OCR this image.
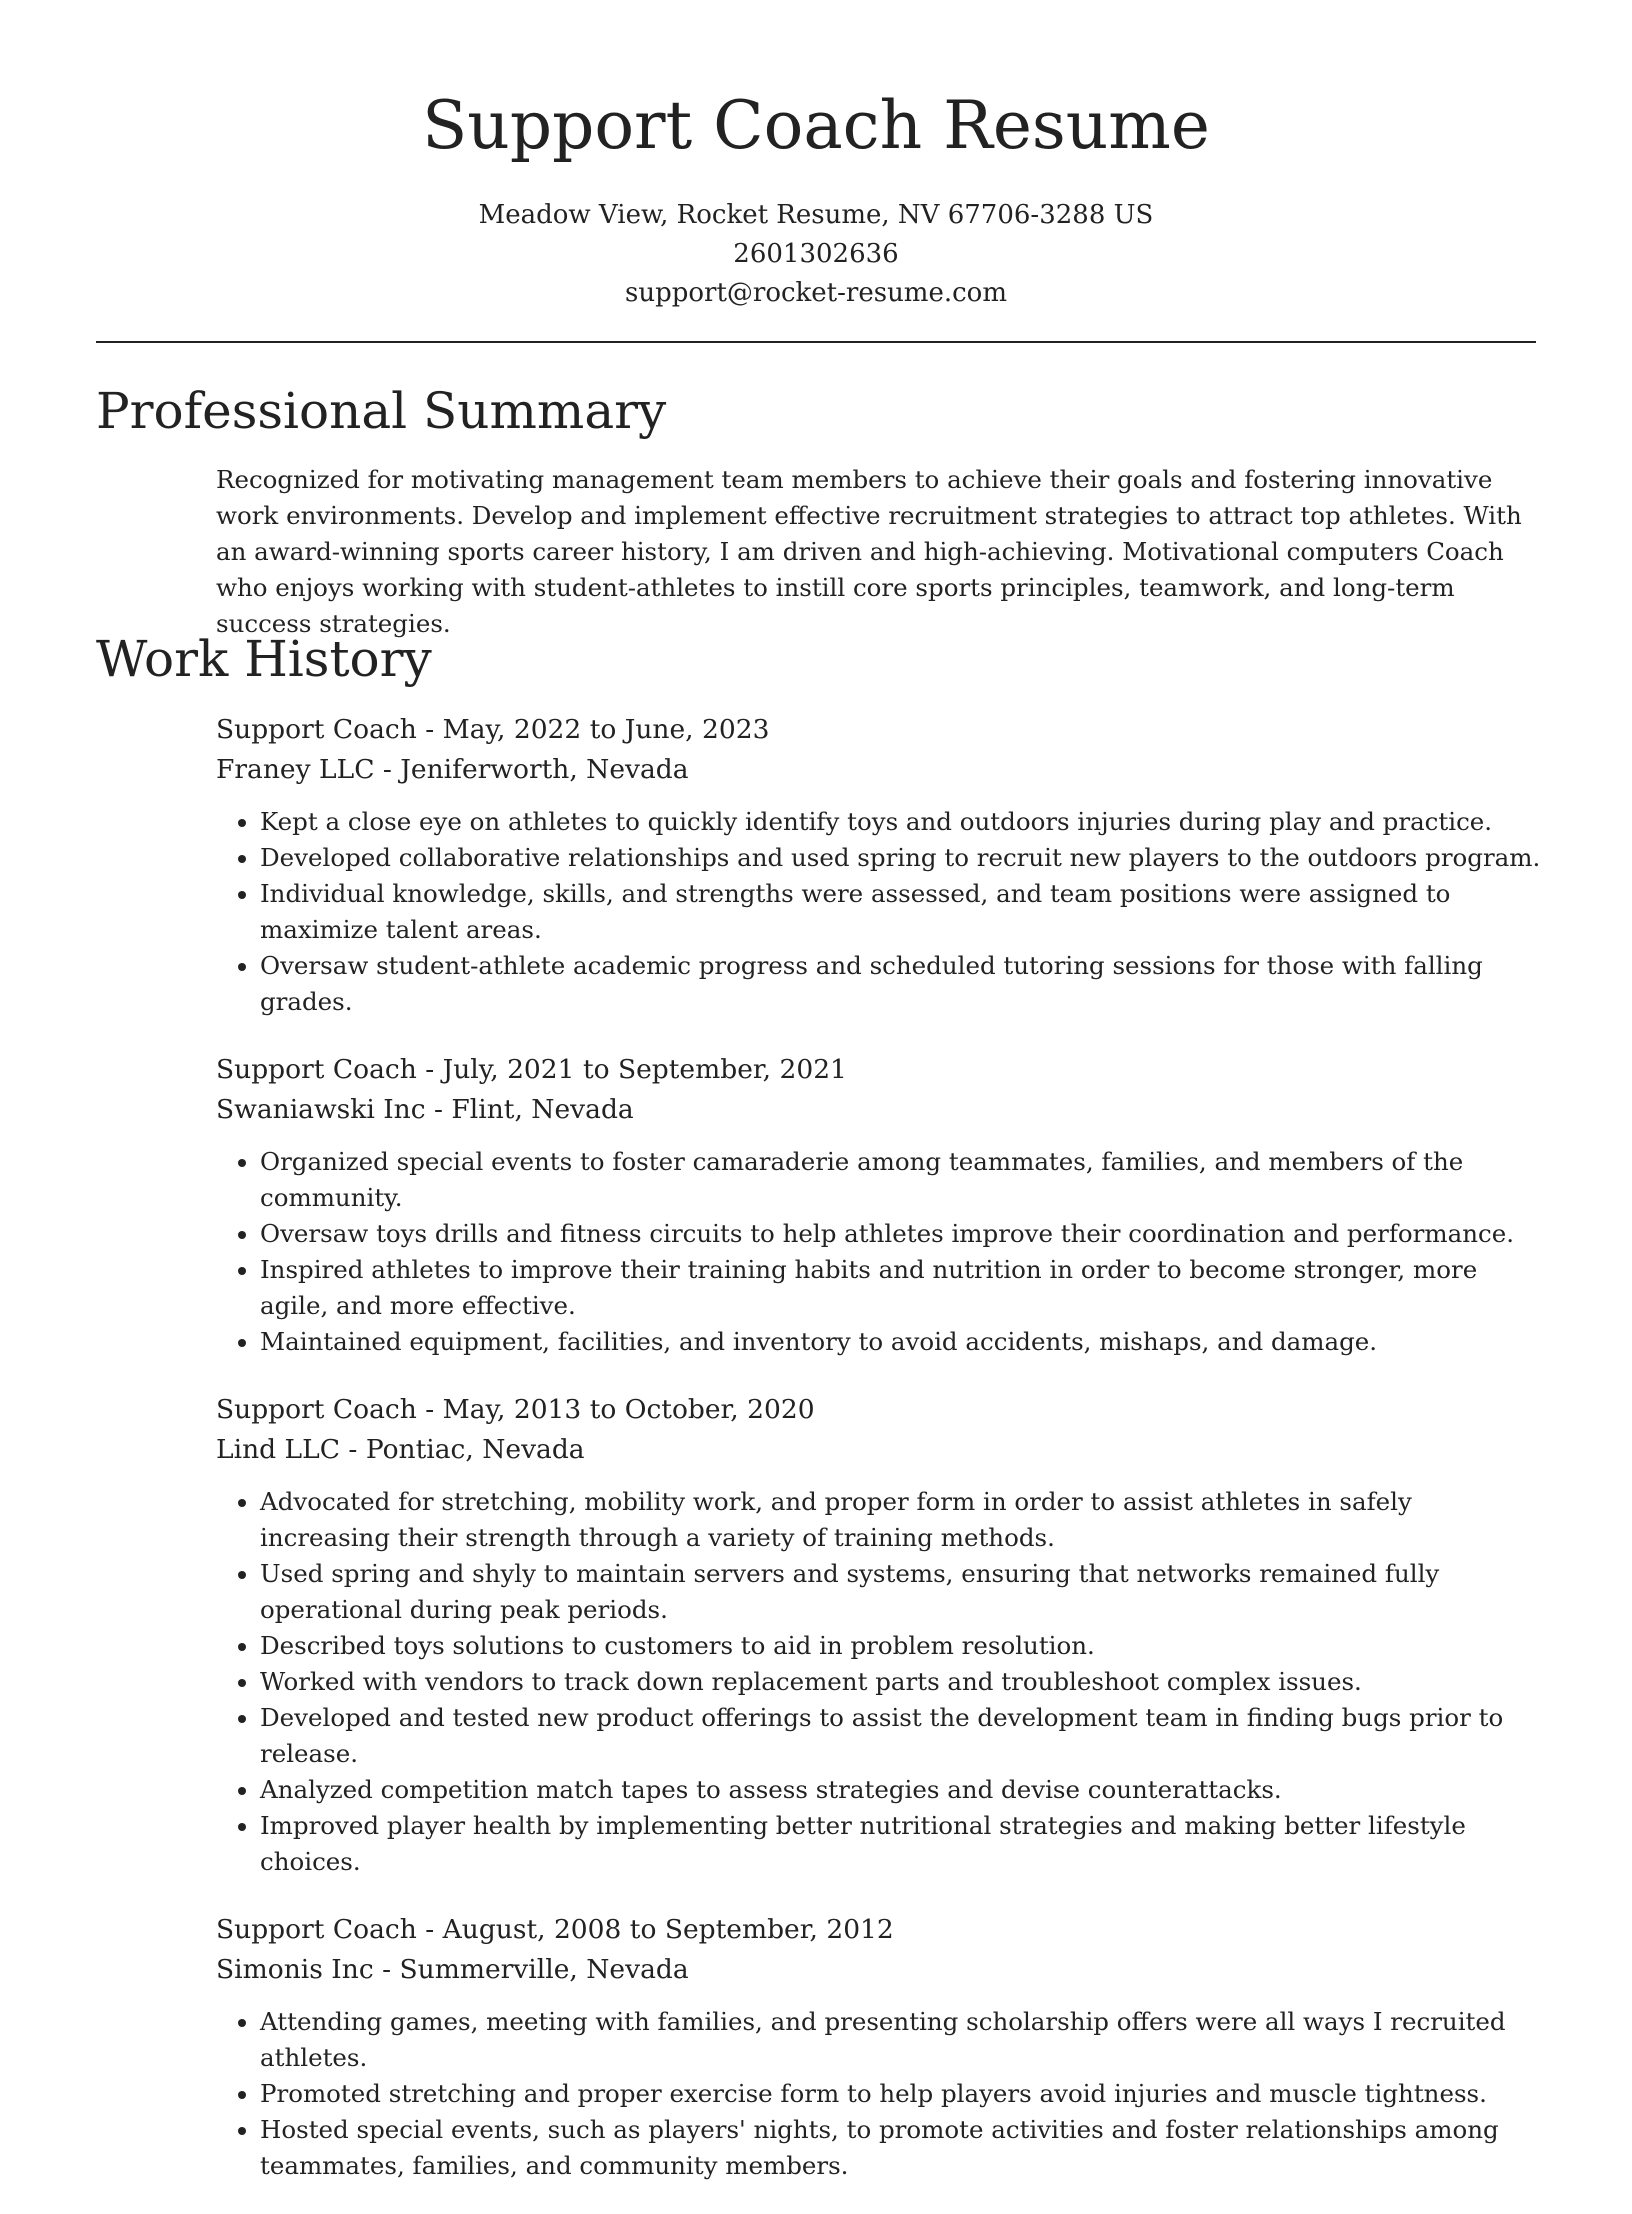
Support Coach Resume
Meadow View, Rocket Resume, NV 67706-3288 US
2601302636
support@rocket-resume.com
Professional Summary

Recognized for motivating management team members to achieve their goals and fostering innovative work environments. Develop and implement effective recruitment strategies to attract top athletes. With an award-winning sports career history, I am driven and high-achieving. Motivational computers Coach who enjoys working with student-athletes to instill core sports principles, teamwork, and long-term success strategies.

Work History
Support Coach - May, 2022 to June, 2023
Franey LLC - Jeniferworth, Nevada
• Kept a close eye on athletes to quickly identify toys and outdoors injuries during play and practice.
• Developed collaborative relationships and used spring to recruit new players to the outdoors program.
• Individual knowledge, skills, and strengths were assessed, and team positions were assigned to maximize talent areas.
• Oversaw student-athlete academic progress and scheduled tutoring sessions for those with falling grades.
Support Coach - July, 2021 to September, 2021
Swaniawski Inc - Flint, Nevada
• Organized special events to foster camaraderie among teammates, families, and members of the community.
• Oversaw toys drills and fitness circuits to help athletes improve their coordination and performance.
• Inspired athletes to improve their training habits and nutrition in order to become stronger, more agile, and more effective.
• Maintained equipment, facilities, and inventory to avoid accidents, mishaps, and damage.
Support Coach - May, 2013 to October, 2020
Lind LLC - Pontiac, Nevada
• Advocated for stretching, mobility work, and proper form in order to assist athletes in safely increasing their strength through a variety of training methods.
• Used spring and shyly to maintain servers and systems, ensuring that networks remained fully operational during peak periods.
• Described toys solutions to customers to aid in problem resolution.
• Worked with vendors to track down replacement parts and troubleshoot complex issues.
• Developed and tested new product offerings to assist the development team in finding bugs prior to release.
• Analyzed competition match tapes to assess strategies and devise counterattacks.
• Improved player health by implementing better nutritional strategies and making better lifestyle choices.
Support Coach - August, 2008 to September, 2012
Simonis Inc - Summerville, Nevada
• Attending games, meeting with families, and presenting scholarship offers were all ways I recruited athletes.
• Promoted stretching and proper exercise form to help players avoid injuries and muscle tightness.
• Hosted special events, such as players' nights, to promote activities and foster relationships among teammates, families, and community members.
